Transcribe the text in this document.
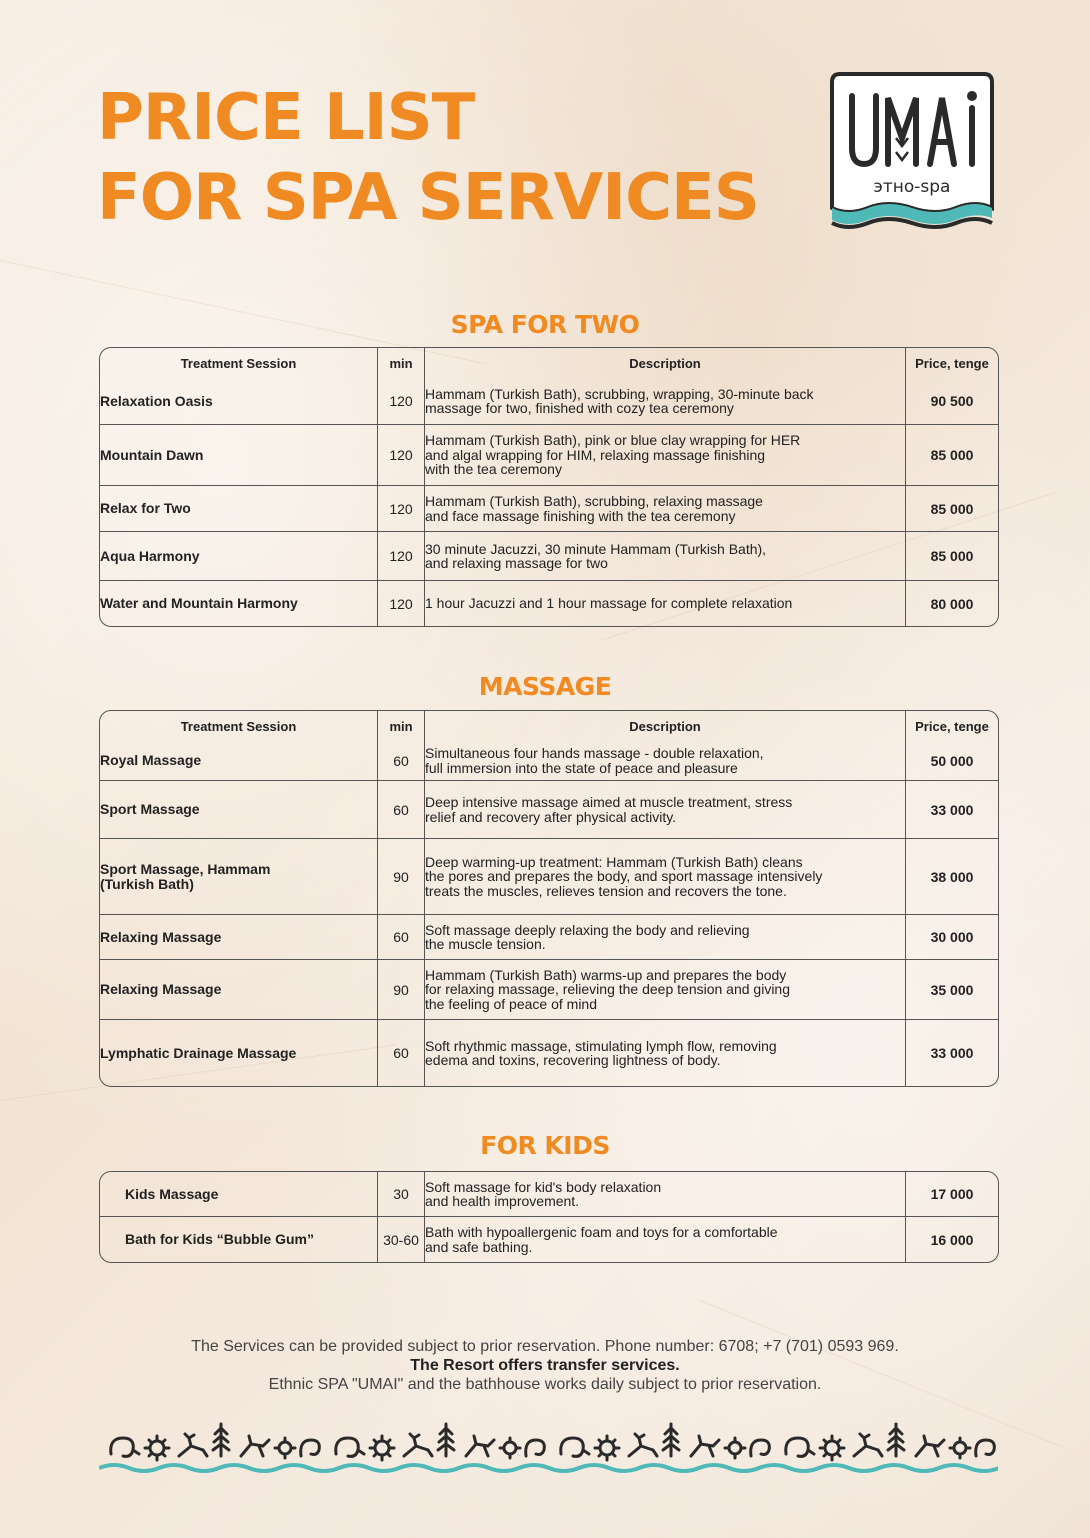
PRICE LIST
FOR SPA SERVICES	этно-spa
SPA FOR TWO
Treatment Session	min	Description	Price, tenge

Relaxation Oasis	120	Hammam (Turkish Bath), scrubbing, wrapping, 30-minute back
massage for two, finished with cozy tea ceremony	90 500

Mountain Dawn	120	Hammam (Turkish Bath), pink or blue clay wrapping for HER
and algal wrapping for HIM, relaxing massage finishing
with the tea ceremony	85 000

Relax for Two	120	Hammam (Turkish Bath), scrubbing, relaxing massage
and face massage finishing with the tea ceremony	85 000

Aqua Harmony	120	30 minute Jacuzzi, 30 minute Hammam (Turkish Bath),
and relaxing massage for two	85 000

Water and Mountain Harmony	120	1 hour Jacuzzi and 1 hour massage for complete relaxation	80 000
MASSAGE
Treatment Session	min	Description	Price, tenge

Royal Massage	60	Simultaneous four hands massage - double relaxation,
full immersion into the state of peace and pleasure	50 000

Sport Massage	60	Deep intensive massage aimed at muscle treatment, stress
relief and recovery after physical activity.	33 000

Sport Massage, Hammam
(Turkish Bath)	90	Deep warming-up treatment: Hammam (Turkish Bath) cleans
the pores and prepares the body, and sport massage intensively
treats the muscles, relieves tension and recovers the tone.	38 000

Relaxing Massage	60	Soft massage deeply relaxing the body and relieving
the muscle tension.	30 000

Relaxing Massage	90	Hammam (Turkish Bath) warms-up and prepares the body
for relaxing massage, relieving the deep tension and giving
the feeling of peace of mind	35 000

Lymphatic Drainage Massage	60	Soft rhythmic massage, stimulating lymph flow, removing
edema and toxins, recovering lightness of body.	33 000
FOR KIDS
Kids Massage	30	Soft massage for kid's body relaxation
and health improvement.	17 000

Bath for Kids “Bubble Gum”	30-60	Bath with hypoallergenic foam and toys for a comfortable
and safe bathing.	16 000
The Services can be provided subject to prior reservation. Phone number: 6708; +7 (701) 0593 969.
The Resort offers transfer services.
Ethnic SPA "UMAI" and the bathhouse works daily subject to prior reservation.
